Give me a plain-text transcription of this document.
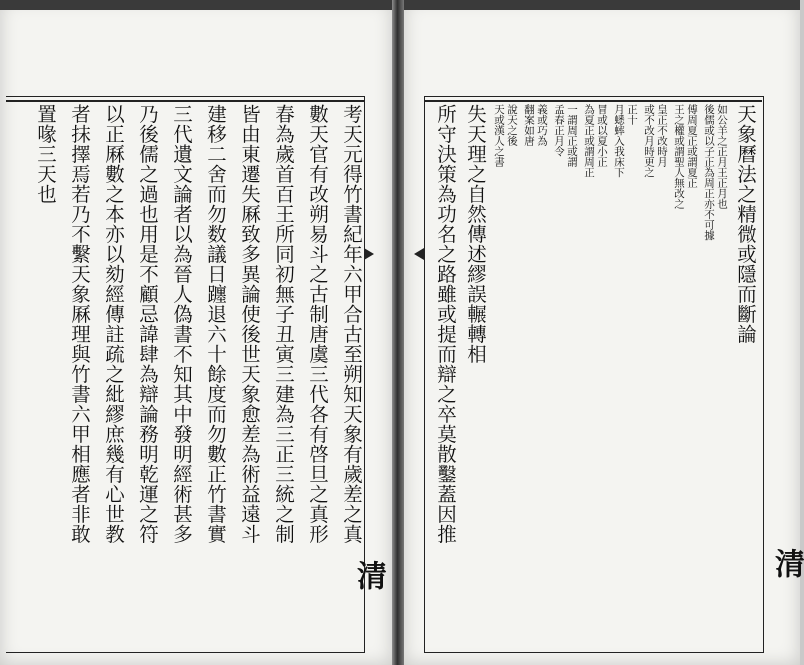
考天元得竹書紀年六甲合古至朔知天象有歲差之真
數天官有改朔易斗之古制唐虞三代各有啓旦之真形
春為歲首百王所同初無子丑寅三建為三正三統之制
皆由東遷失厤致多異論使後世天象愈差為術益遠斗
建移二舍而勿数議日躔退六十餘度而勿數正竹書實
三代遺文論者以為晉人偽書不知其中發明經術甚多
乃後儒之過也用是不顧忌諱肆為辯論務明乾運之符
以正厤數之本亦以劾經傳註疏之紕繆庶幾有心世教
者抹擇焉若乃不繫天象厤理與竹書六甲相應者非敢
置喙三天也	天象曆法之精微或隱而斷論
如公羊之正月王正月也
後儒或以子正為周正亦不可據
傅周夏正或謂夏正
王之權或謂聖人無改之
皇正不改時月
或不改月時更之
正十
月蟋蟀入我床下
冒或以夏小正
為夏正或謂周正
一謂周正或謂
孟春正月令
義或巧為
翻案如唐
說天之後
天或漢人之書
失天理之自然傳述繆誤輾轉相
所守決策為功名之路雖或提而辯之卒莫散鑿蓋因推
清	清
